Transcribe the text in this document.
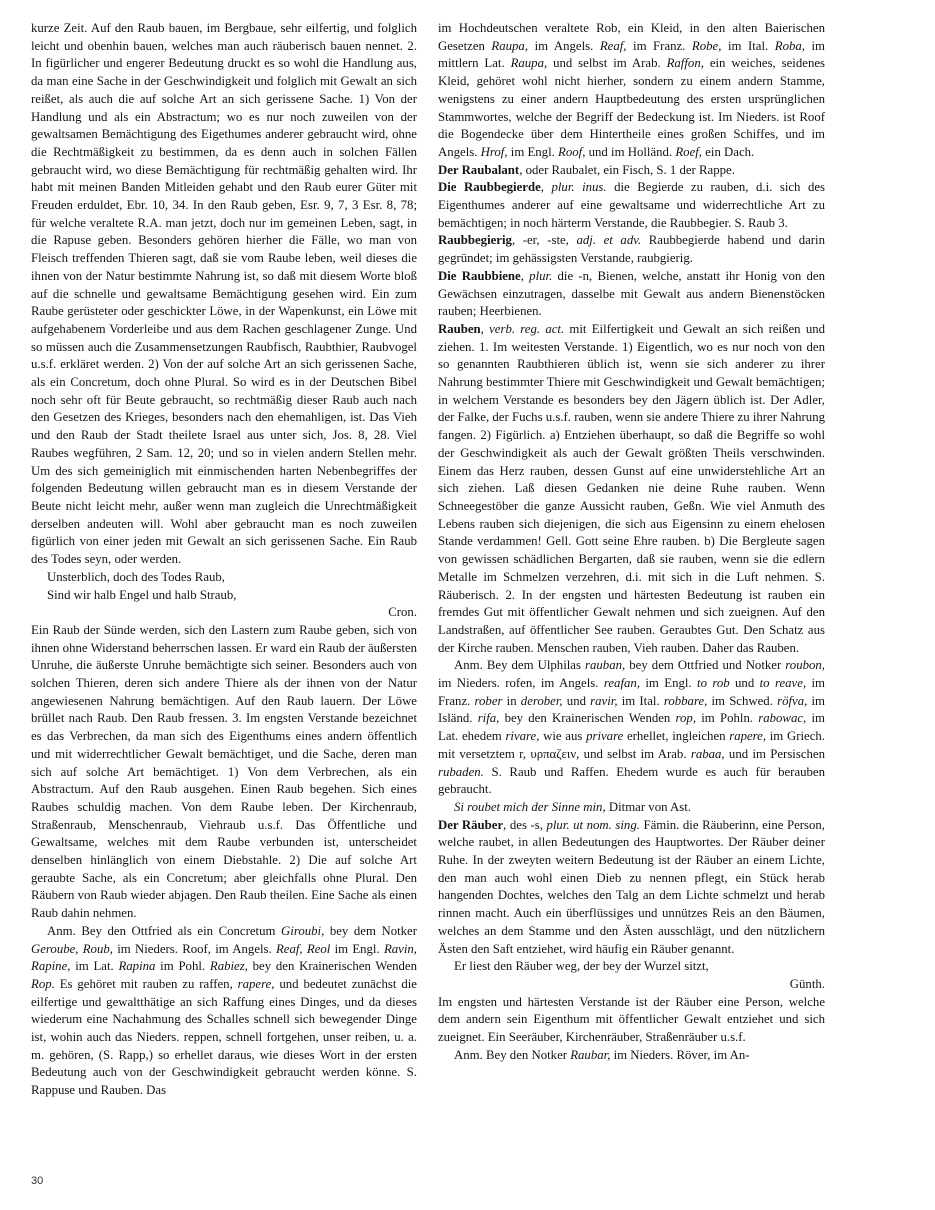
kurze Zeit. Auf den Raub bauen, im Bergbaue, sehr eilfertig, und folglich leicht und obenhin bauen, welches man auch räuberisch bauen nennet. 2. In figürlicher und engerer Bedeutung druckt es so wohl die Handlung aus, da man eine Sache in der Geschwindigkeit und folglich mit Gewalt an sich reißet, als auch die auf solche Art an sich gerissene Sache. 1) Von der Handlung und als ein Abstractum; wo es nur noch zuweilen von der gewaltsamen Bemächtigung des Eigethumes anderer gebraucht wird, ohne die Rechtmäßigkeit zu bestimmen, da es denn auch in solchen Fällen gebraucht wird, wo diese Bemächtigung für rechtmäßig gehalten wird. Ihr habt mit meinen Banden Mitleiden gehabt und den Raub eurer Güter mit Freuden erduldet, Ebr. 10, 34. In den Raub geben, Esr. 9, 7, 3 Esr. 8, 78; für welche veraltete R.A. man jetzt, doch nur im gemeinen Leben, sagt, in die Rapuse geben. Besonders gehören hierher die Fälle, wo man von Fleisch treffenden Thieren sagt, daß sie vom Raube leben, weil dieses die ihnen von der Natur bestimmte Nahrung ist, so daß mit diesem Worte bloß auf die schnelle und gewaltsame Bemächtigung gesehen wird. Ein zum Raube gerüsteter oder geschickter Löwe, in der Wapenkunst, ein Löwe mit aufgehabenem Vorderleibe und aus dem Rachen geschlagener Zunge. Und so müssen auch die Zusammensetzungen Raubfisch, Raubthier, Raubvogel u.s.f. erkläret werden. 2) Von der auf solche Art an sich gerissenen Sache, als ein Concretum, doch ohne Plural. So wird es in der Deutschen Bibel noch sehr oft für Beute gebraucht, so rechtmäßig dieser Raub auch nach den Gesetzen des Krieges, besonders nach den ehemahligen, ist. Das Vieh und den Raub der Stadt theilete Israel aus unter sich, Jos. 8, 28. Viel Raubes wegführen, 2 Sam. 12, 20; und so in vielen andern Stellen mehr. Um des sich gemeiniglich mit einmischenden harten Nebenbegriffes der folgenden Bedeutung willen gebraucht man es in diesem Verstande der Beute nicht leicht mehr, außer wenn man zugleich die Unrechtmäßigkeit derselben andeuten will. Wohl aber gebraucht man es noch zuweilen figürlich von einer jeden mit Gewalt an sich gerissenen Sache. Ein Raub des Todes seyn, oder werden.

Unsterblich, doch des Todes Raub,

Sind wir halb Engel und halb Straub,

Cron.

Ein Raub der Sünde werden, sich den Lastern zum Raube geben, sich von ihnen ohne Widerstand beherrschen lassen. Er ward ein Raub der äußersten Unruhe, die äußerste Unruhe bemächtigte sich seiner. Besonders auch von solchen Thieren, deren sich andere Thiere als der ihnen von der Natur angewiesenen Nahrung bemächtigen. Auf den Raub lauern. Der Löwe brüllet nach Raub. Den Raub fressen. 3. Im engsten Verstande bezeichnet es das Verbrechen, da man sich des Eigenthums eines andern öffentlich und mit widerrechtlicher Gewalt bemächtiget, und die Sache, deren man sich auf solche Art bemächtiget. 1) Von dem Verbrechen, als ein Abstractum. Auf den Raub ausgehen. Einen Raub begehen. Sich eines Raubes schuldig machen. Von dem Raube leben. Der Kirchenraub, Straßenraub, Menschenraub, Viehraub u.s.f. Das Öffentliche und Gewaltsame, welches mit dem Raube verbunden ist, unterscheidet denselben hinlänglich von einem Diebstahle. 2) Die auf solche Art geraubte Sache, als ein Concretum; aber gleichfalls ohne Plural. Den Räubern von Raub wieder abjagen. Den Raub theilen. Eine Sache als einen Raub dahin nehmen.

Anm. Bey den Ottfried als ein Concretum Giroubi, bey dem Notker Geroube, Roub, im Nieders. Roof, im Angels. Reaf, Reol im Engl. Ravin, Rapine, im Lat. Rapina im Pohl. Rabiez, bey den Krainerischen Wenden Rop. Es gehöret mit rauben zu raffen, rapere, und bedeutet zunächst die eilfertige und gewaltthätige an sich Raffung eines Dinges, und da dieses wiederum eine Nachahmung des Schalles schnell sich bewegender Dinge ist, wohin auch das Nieders. reppen, schnell fortgehen, unser reiben, u. a. m. gehören, (S. Rapp,) so erhellet daraus, wie dieses Wort in der ersten Bedeutung auch von der Geschwindigkeit gebraucht werden könne. S. Rappuse und Rauben. Das

im Hochdeutschen veraltete Rob, ein Kleid, in den alten Baierischen Gesetzen Raupa, im Angels. Reaf, im Franz. Robe, im Ital. Roba, im mittlern Lat. Raupa, und selbst im Arab. Raffon, ein weiches, seidenes Kleid, gehöret wohl nicht hierher, sondern zu einem andern Stamme, wenigstens zu einer andern Hauptbedeutung des ersten ursprünglichen Stammwortes, welche der Begriff der Bedeckung ist. Im Nieders. ist Roof die Bogendecke über dem Hintertheile eines großen Schiffes, und im Angels. Hrof, im Engl. Roof, und im Holländ. Roef, ein Dach.

Der Raubalant, oder Raubalet, ein Fisch, S. 1 der Rappe.

Die Raubbegierde, plur. inus. die Begierde zu rauben, d.i. sich des Eigenthumes anderer auf eine gewaltsame und widerrechtliche Art zu bemächtigen; in noch härterm Verstande, die Raubbegier. S. Raub 3.

Raubbegierig, -er, -ste, adj. et adv. Raubbegierde habend und darin gegründet; im gehässigsten Verstande, raubgierig.

Die Raubbiene, plur. die -n, Bienen, welche, anstatt ihr Honig von den Gewächsen einzutragen, dasselbe mit Gewalt aus andern Bienenstöcken rauben; Heerbienen.

Rauben, verb. reg. act. mit Eilfertigkeit und Gewalt an sich reißen und ziehen. 1. Im weitesten Verstande. 1) Eigentlich, wo es nur noch von den so genannten Raubthieren üblich ist, wenn sie sich anderer zu ihrer Nahrung bestimmter Thiere mit Geschwindigkeit und Gewalt bemächtigen; in welchem Verstande es besonders bey den Jägern üblich ist. Der Adler, der Falke, der Fuchs u.s.f. rauben, wenn sie andere Thiere zu ihrer Nahrung fangen. 2) Figürlich. a) Entziehen überhaupt, so daß die Begriffe so wohl der Geschwindigkeit als auch der Gewalt größten Theils verschwinden. Einem das Herz rauben, dessen Gunst auf eine unwiderstehliche Art an sich ziehen. Laß diesen Gedanken nie deine Ruhe rauben. Wenn Schneegestöber die ganze Aussicht rauben, Geßn. Wie viel Anmuth des Lebens rauben sich diejenigen, die sich aus Eigensinn zu einem ehelosen Stande verdammen! Gell. Gott seine Ehre rauben. b) Die Bergleute sagen von gewissen schädlichen Bergarten, daß sie rauben, wenn sie die edlern Metalle im Schmelzen verzehren, d.i. mit sich in die Luft nehmen. S. Räuberisch. 2. In der engsten und härtesten Bedeutung ist rauben ein fremdes Gut mit öffentlicher Gewalt nehmen und sich zueignen. Auf den Landstraßen, auf öffentlicher See rauben. Geraubtes Gut. Den Schatz aus der Kirche rauben. Menschen rauben, Vieh rauben. Daher das Rauben.

Anm. Bey dem Ulphilas rauban, bey dem Ottfried und Notker roubon, im Nieders. rofen, im Angels. reafan, im Engl. to rob und to reave, im Franz. rober in derober, und ravir, im Ital. robbare, im Schwed. röfva, im Isländ. rifa, bey den Krainerischen Wenden rop, im Pohln. rabowac, im Lat. ehedem rivare, wie aus privare erhellet, ingleichen rapere, im Griech. mit versetztem r, υρπαζειν, und selbst im Arab. rabaa, und im Persischen rubaden. S. Raub und Raffen. Ehedem wurde es auch für berauben gebraucht.

Si roubet mich der Sinne min, Ditmar von Ast.

Der Räuber, des -s, plur. ut nom. sing. Fämin. die Räuberinn, eine Person, welche raubet, in allen Bedeutungen des Hauptwortes. Der Räuber deiner Ruhe. In der zweyten weitern Bedeutung ist der Räuber an einem Lichte, den man auch wohl einen Dieb zu nennen pflegt, ein Stück herab hangenden Dochtes, welches den Talg an dem Lichte schmelzt und herab rinnen macht. Auch ein überflüssiges und unnützes Reis an den Bäumen, welches an dem Stamme und den Ästen ausschlägt, und den nützlichern Ästen den Saft entziehet, wird häufig ein Räuber genannt.

Er liest den Räuber weg, der bey der Wurzel sitzt,

Günth.

Im engsten und härtesten Verstande ist der Räuber eine Person, welche dem andern sein Eigenthum mit öffentlicher Gewalt entziehet und sich zueignet. Ein Seeräuber, Kirchenräuber, Straßenräuber u.s.f.

Anm. Bey den Notker Raubar, im Nieders. Röver, im An-

30
